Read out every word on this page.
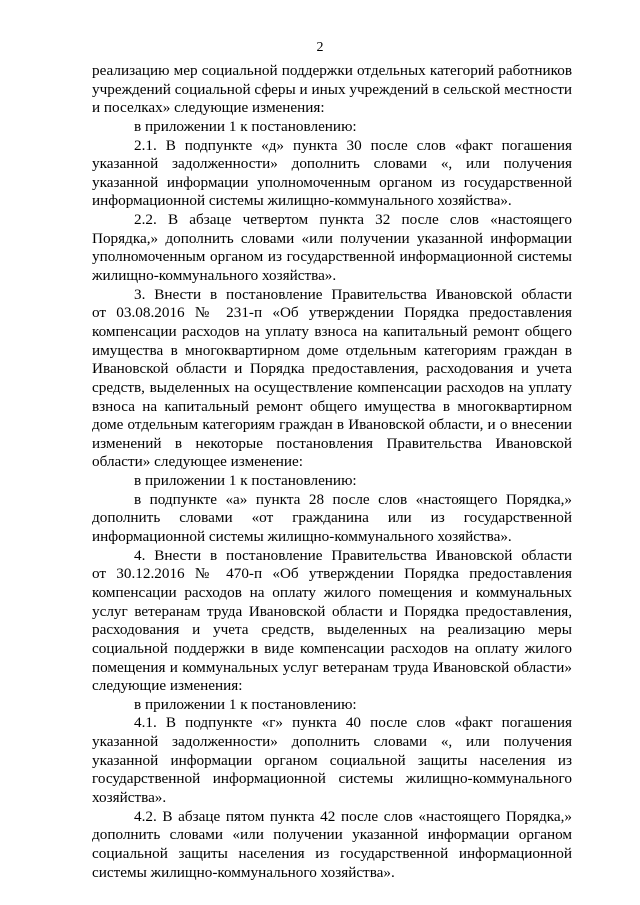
2
реализацию мер социальной поддержки отдельных категорий работников
учреждений социальной сферы и иных учреждений в сельской местности
и поселках» следующие изменения:
в приложении 1 к постановлению:
2.1. В подпункте «д» пункта 30 после слов «факт погашения
указанной задолженности» дополнить словами «, или получения
указанной информации уполномоченным органом из государственной
информационной системы жилищно-коммунального хозяйства».
2.2. В абзаце четвертом пункта 32 после слов «настоящего
Порядка,» дополнить словами «или получении указанной информации
уполномоченным органом из государственной информационной системы
жилищно-коммунального хозяйства».
3. Внести в постановление Правительства Ивановской области
от 03.08.2016 № 231-п «Об утверждении Порядка предоставления
компенсации расходов на уплату взноса на капитальный ремонт общего
имущества в многоквартирном доме отдельным категориям граждан в
Ивановской области и Порядка предоставления, расходования и учета
средств, выделенных на осуществление компенсации расходов на уплату
взноса на капитальный ремонт общего имущества в многоквартирном
доме отдельным категориям граждан в Ивановской области, и о внесении
изменений в некоторые постановления Правительства Ивановской
области» следующее изменение:
в приложении 1 к постановлению:
в подпункте «а» пункта 28 после слов «настоящего Порядка,»
дополнить словами «от гражданина или из государственной
информационной системы жилищно-коммунального хозяйства».
4. Внести в постановление Правительства Ивановской области
от 30.12.2016 № 470-п «Об утверждении Порядка предоставления
компенсации расходов на оплату жилого помещения и коммунальных
услуг ветеранам труда Ивановской области и Порядка предоставления,
расходования и учета средств, выделенных на реализацию меры
социальной поддержки в виде компенсации расходов на оплату жилого
помещения и коммунальных услуг ветеранам труда Ивановской области»
следующие изменения:
в приложении 1 к постановлению:
4.1. В подпункте «г» пункта 40 после слов «факт погашения
указанной задолженности» дополнить словами «, или получения
указанной информации органом социальной защиты населения из
государственной информационной системы жилищно-коммунального
хозяйства».
4.2. В абзаце пятом пункта 42 после слов «настоящего Порядка,»
дополнить словами «или получении указанной информации органом
социальной защиты населения из государственной информационной
системы жилищно-коммунального хозяйства».
